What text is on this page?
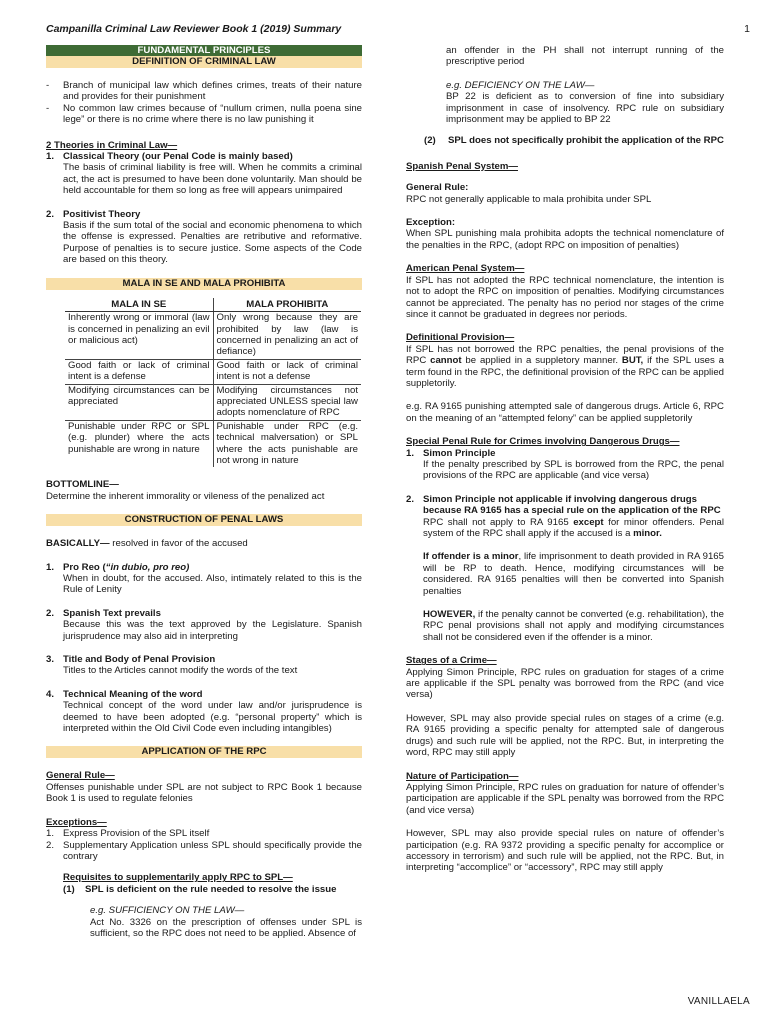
Campanilla Criminal Law Reviewer Book 1 (2019) Summary	1
FUNDAMENTAL PRINCIPLES
DEFINITION OF CRIMINAL LAW
-	Branch of municipal law which defines crimes, treats of their nature and provides for their punishment
-	No common law crimes because of “nullum crimen, nulla poena sine lege” or there is no crime where there is no law punishing it

2 Theories in Criminal Law—

1. Classical Theory (our Penal Code is mainly based)

The basis of criminal liability is free will. When he commits a criminal act, the act is presumed to have been done voluntarily. Man should be held accountable for them so long as free will appears unimpaired

2. Positivist Theory

Basis if the sum total of the social and economic phenomena to which the offense is expressed. Penalties are retributive and reformative. Purpose of penalties is to secure justice. Some aspects of the Code are based on this theory.

MALA IN SE AND MALA PROHIBITA
MALA IN SE	MALA PROHIBITA
Inherently wrong or immoral (law is concerned in penalizing an evil or malicious act)	Only wrong because they are prohibited by law (law is concerned in penalizing an act of defiance)
Good faith or lack of criminal intent is a defense	Good faith or lack of criminal intent is not a defense
Modifying circumstances can be appreciated	Modifying circumstances not appreciated UNLESS special law adopts nomenclature of RPC
Punishable under RPC or SPL (e.g. plunder) where the acts punishable are wrong in nature	Punishable under RPC (e.g. technical malversation) or SPL where the acts punishable are not wrong in nature

BOTTOMLINE—

Determine the inherent immorality or vileness of the penalized act

CONSTRUCTION OF PENAL LAWS

BASICALLY— resolved in favor of the accused

1. Pro Reo (“in dubio, pro reo)

When in doubt, for the accused. Also, intimately related to this is the Rule of Lenity

2. Spanish Text prevails

Because this was the text approved by the Legislature. Spanish jurisprudence may also aid in interpreting

3. Title and Body of Penal Provision

Titles to the Articles cannot modify the words of the text

4. Technical Meaning of the word

Technical concept of the word under law and/or jurisprudence is deemed to have been adopted (e.g. “personal property” which is interpreted within the Old Civil Code even including intangibles)

APPLICATION OF THE RPC

General Rule—

Offenses punishable under SPL are not subject to RPC Book 1 because Book 1 is used to regulate felonies

Exceptions—

1. Express Provision of the SPL itself
2. Supplementary Application unless SPL should specifically provide the contrary

Requisites to supplementarily apply RPC to SPL—

(1)	SPL is deficient on the rule needed to resolve the issue

e.g. SUFFICIENCY ON THE LAW—

Act No. 3326 on the prescription of offenses under SPL is sufficient, so the RPC does not need to be applied. Absence of

an offender in the PH shall not interrupt running of the prescriptive period

e.g. DEFICIENCY ON THE LAW—

BP 22 is deficient as to conversion of fine into subsidiary imprisonment in case of insolvency. RPC rule on subsidiary imprisonment may be applied to BP 22

(2)	SPL does not specifically prohibit the application of the RPC

Spanish Penal System—

General Rule:

RPC not generally applicable to mala prohibita under SPL

Exception:

When SPL punishing mala prohibita adopts the technical nomenclature of the penalties in the RPC, (adopt RPC on imposition of penalties)

American Penal System—

If SPL has not adopted the RPC technical nomenclature, the intention is not to adopt the RPC on imposition of penalties. Modifying circumstances cannot be appreciated. The penalty has no period nor stages of the crime since it cannot be graduated in degrees nor periods.

Definitional Provision—

If SPL has not borrowed the RPC penalties, the penal provisions of the RPC cannot be applied in a suppletory manner. BUT, if the SPL uses a term found in the RPC, the definitional provision of the RPC can be applied suppletorily.

e.g. RA 9165 punishing attempted sale of dangerous drugs. Article 6, RPC on the meaning of an “attempted felony” can be applied suppletorily

Special Penal Rule for Crimes involving Dangerous Drugs—

1. Simon Principle

If the penalty prescribed by SPL is borrowed from the RPC, the penal provisions of the RPC are applicable (and vice versa)

2. Simon Principle not applicable if involving dangerous drugs because RA 9165 has a special rule on the application of the RPC

RPC shall not apply to RA 9165 except for minor offenders. Penal system of the RPC shall apply if the accused is a minor.

If offender is a minor, life imprisonment to death provided in RA 9165 will be RP to death. Hence, modifying circumstances will be considered. RA 9165 penalties will then be converted into Spanish penalties

HOWEVER, if the penalty cannot be converted (e.g. rehabilitation), the RPC penal provisions shall not apply and modifying circumstances shall not be considered even if the offender is a minor.

Stages of a Crime—

Applying Simon Principle, RPC rules on graduation for stages of a crime are applicable if the SPL penalty was borrowed from the RPC (and vice versa)

However, SPL may also provide special rules on stages of a crime (e.g. RA 9165 providing a specific penalty for attempted sale of dangerous drugs) and such rule will be applied, not the RPC. But, in interpreting the word, RPC may still apply

Nature of Participation—

Applying Simon Principle, RPC rules on graduation for nature of offender’s participation are applicable if the SPL penalty was borrowed from the RPC (and vice versa)

However, SPL may also provide special rules on nature of offender’s participation (e.g. RA 9372 providing a specific penalty for accomplice or accessory in terrorism) and such rule will be applied, not the RPC. But, in interpreting “accomplice” or “accessory”, RPC may still apply

VANILLAELA
